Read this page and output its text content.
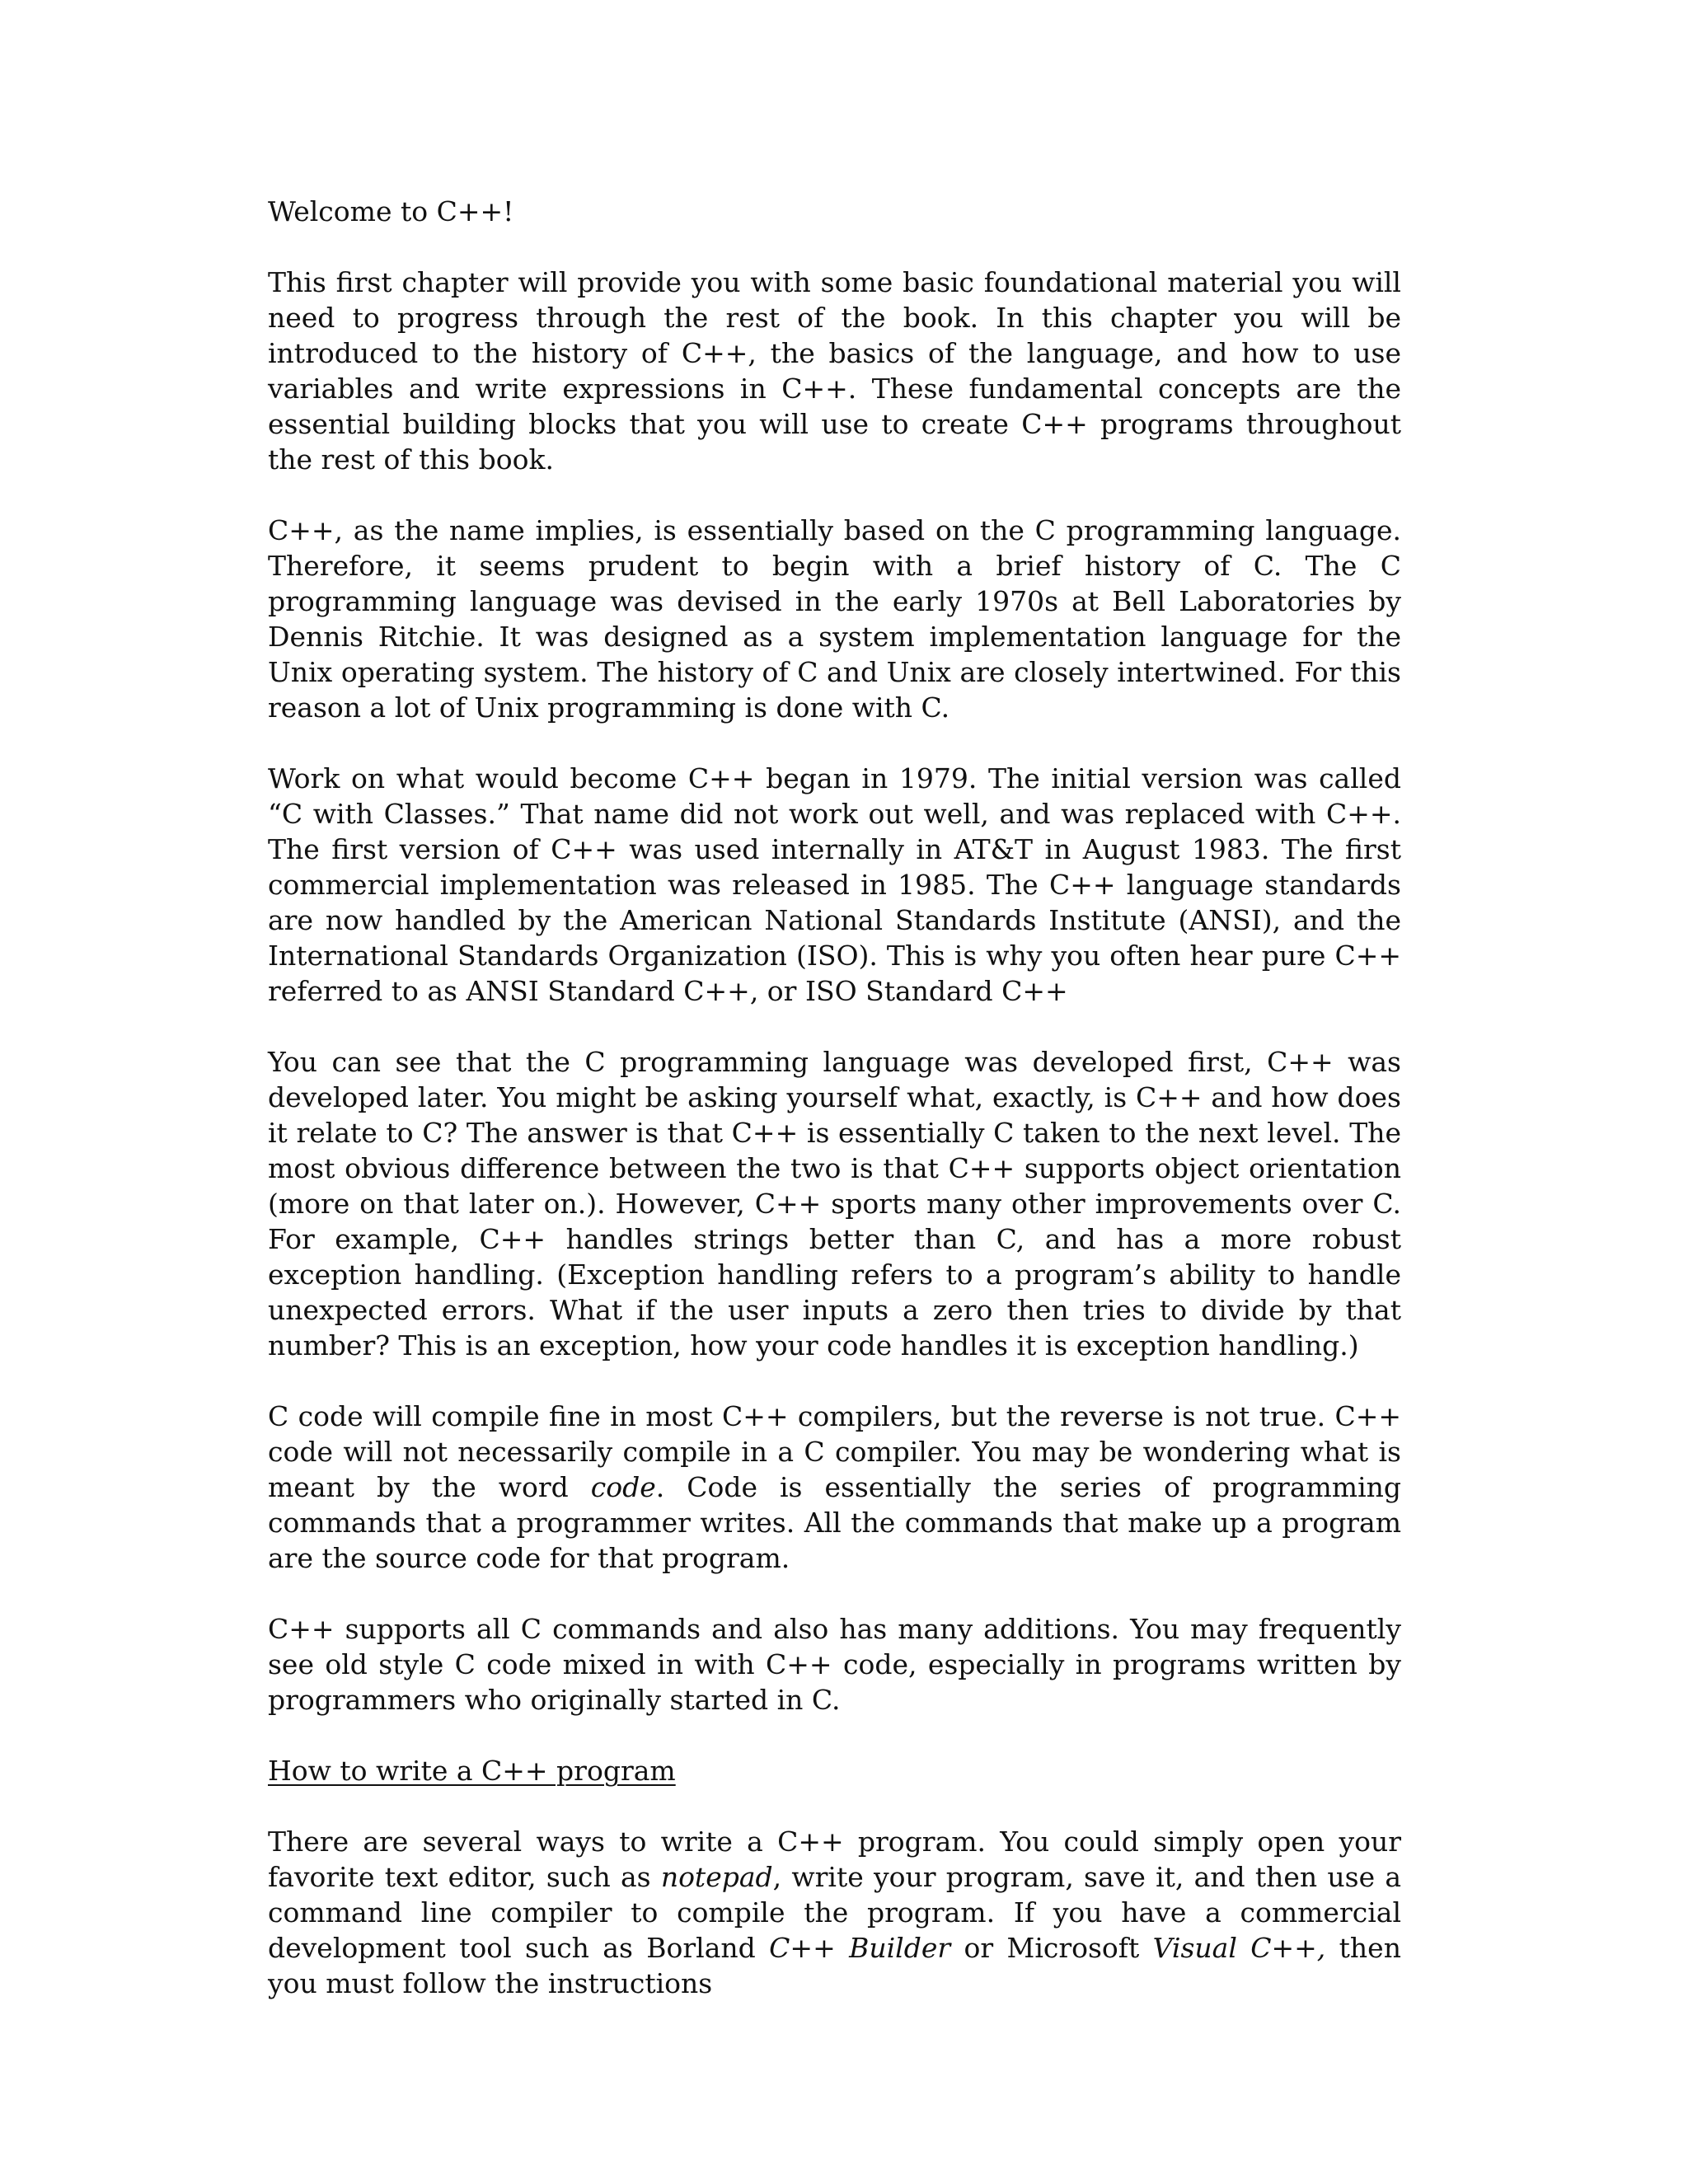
Welcome to C++!

This first chapter will provide you with some basic foundational material you will need to progress through the rest of the book. In this chapter you will be introduced to the history of C++, the basics of the language, and how to use variables and write expressions in C++. These fundamental concepts are the essential building blocks that you will use to create C++ programs throughout the rest of this book.

C++, as the name implies, is essentially based on the C programming language. Therefore, it seems prudent to begin with a brief history of C. The C programming language was devised in the early 1970s at Bell Laboratories by Dennis Ritchie. It was designed as a system implementation language for the Unix operating system. The history of C and Unix are closely intertwined. For this reason a lot of Unix programming is done with C.

Work on what would become C++ began in 1979. The initial version was called “C with Classes.” That name did not work out well, and was replaced with C++. The first version of C++ was used internally in AT&T in August 1983. The first commercial implementation was released in 1985. The C++ language standards are now handled by the American National Standards Institute (ANSI), and the International Standards Organization (ISO). This is why you often hear pure C++ referred to as ANSI Standard C++, or ISO Standard C++

You can see that the C programming language was developed first, C++ was developed later. You might be asking yourself what, exactly, is C++ and how does it relate to C? The answer is that C++ is essentially C taken to the next level. The most obvious difference between the two is that C++ supports object orientation (more on that later on.). However, C++ sports many other improvements over C. For example, C++ handles strings better than C, and has a more robust exception handling. (Exception handling refers to a program’s ability to handle unexpected errors. What if the user inputs a zero then tries to divide by that number? This is an exception, how your code handles it is exception handling.)

C code will compile fine in most C++ compilers, but the reverse is not true. C++ code will not necessarily compile in a C compiler. You may be wondering what is meant by the word code. Code is essentially the series of programming commands that a programmer writes. All the commands that make up a program are the source code for that program.

C++ supports all C commands and also has many additions. You may frequently see old style C code mixed in with C++ code, especially in programs written by programmers who originally started in C.

How to write a C++ program

There are several ways to write a C++ program. You could simply open your favorite text editor, such as notepad, write your program, save it, and then use a command line compiler to compile the program. If you have a commercial development tool such as Borland C++ Builder or Microsoft Visual C++, then you must follow the instructions
